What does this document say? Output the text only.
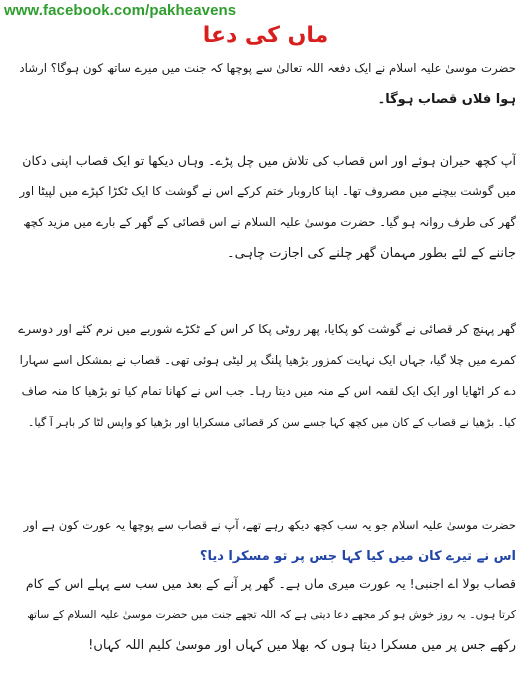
www.facebook.com/pakheavens
ماں کی دعا
حضرت موسیٰ علیہ اسلام نے ایک دفعہ اللہ تعالیٰ سے پوچھا کہ جنت میں میرے ساتھ کون ہوگا؟ ارشاد
ہوا فلاں قصاب ہوگا۔
آپ کچھ حیران ہوئے اور اس قصاب کی تلاش میں چل پڑے۔ وہاں دیکھا تو ایک قصاب اپنی دکان
میں گوشت بیچنے میں مصروف تھا۔ اپنا کاروبار ختم کرکے اس نے گوشت کا ایک ٹکڑا کپڑے میں لپیٹا اور
گھر کی طرف روانہ ہو گیا۔ حضرت موسیٰ علیہ السلام نے اس قصائی کے گھر کے بارے میں مزید کچھ
جاننے کے لئے بطور مہمان گھر چلنے کی اجازت چاہی۔
گھر پہنچ کر قصائی نے گوشت کو پکایا، پھر روٹی پکا کر اس کے ٹکڑے شوربے میں نرم کئے اور دوسرے
کمرے میں چلا گیا، جہاں ایک نہایت کمزور بڑھیا پلنگ پر لیٹی ہوئی تھی۔ قصاب نے بمشکل اسے سہارا
دے کر اٹھایا اور ایک ایک لقمہ اس کے منہ میں دیتا رہا۔ جب اس نے کھانا تمام کیا تو بڑھیا کا منہ صاف
کیا۔ بڑھیا نے قصاب کے کان میں کچھ کہا جسے سن کر قصائی مسکرایا اور بڑھیا کو واپس لٹا کر باہر آ گیا۔
حضرت موسیٰ علیہ اسلام جو یہ سب کچھ دیکھ رہے تھے، آپ نے قصاب سے پوچھا یہ عورت کون ہے اور
اس نے تیرے کان میں کیا کہا جس پر تو مسکرا دیا؟
قصاب بولا اے اجنبی! یہ عورت میری ماں ہے۔ گھر پر آنے کے بعد میں سب سے پہلے اس کے کام
کرتا ہوں۔ یہ روز خوش ہو کر مجھے دعا دیتی ہے کہ اللہ تجھے جنت میں حضرت موسیٰ علیہ السلام کے ساتھ
رکھے جس پر میں مسکرا دیتا ہوں کہ بھلا میں کہاں اور موسیٰ کلیم اللہ کہاں!
